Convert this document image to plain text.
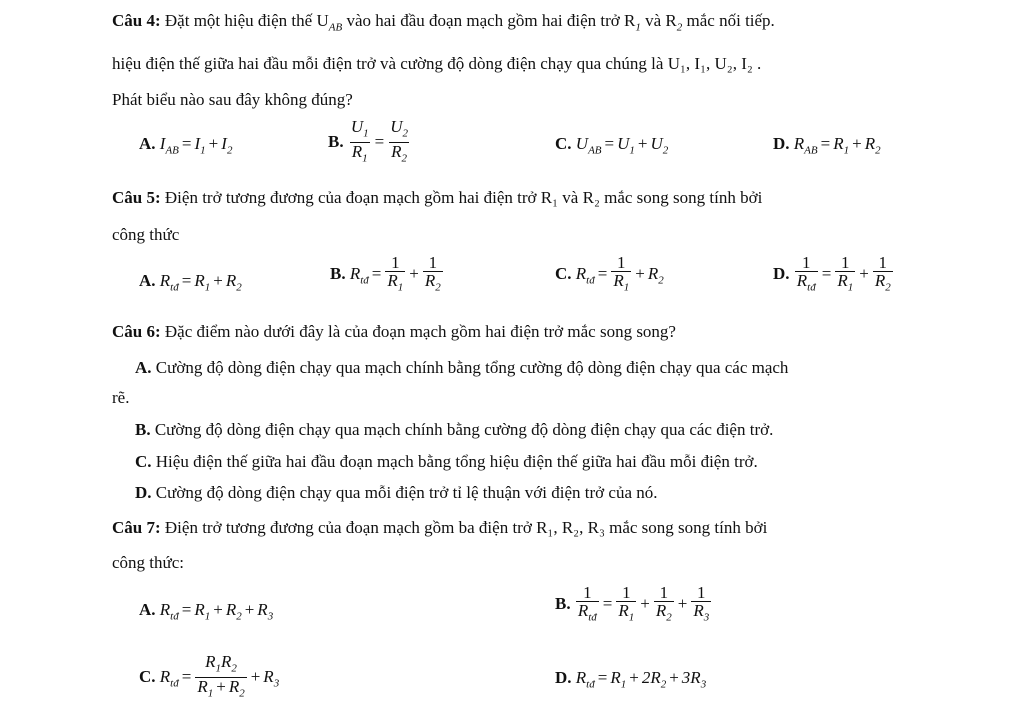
Câu 4: Đặt một hiệu điện thế $U_{AB}$ vào hai đầu đoạn mạch gồm hai điện trở $R_1$ và $R_2$ mắc nối tiếp.
hiệu điện thế giữa hai đầu mỗi điện trở và cường độ dòng điện chạy qua chúng là U₁, I₁, U₂, I₂ .
Phát biểu nào sau đây không đúng?
A. $I_{AB} = I_1 + I_2$	B. $\frac{U_1}{R_1} = \frac{U_2}{R_2}$	C. $U_{AB} = U_1 + U_2$	D. $R_{AB} = R_1 + R_2$
Câu 5: Điện trở tương đương của đoạn mạch gồm hai điện trở R₁ và R₂ mắc song song tính bởi
công thức
A. $R_{tđ} = R_1 + R_2$
B. $R_{tđ} = \frac{1}{R_1} + \frac{1}{R_2}$	C. $R_{tđ} = \frac{1}{R_1} + R_2$	D. $\frac{1}{R_{tđ}} = \frac{1}{R_1} + \frac{1}{R_2}$
Câu 6: Đặc điểm nào dưới đây là của đoạn mạch gồm hai điện trở mắc song song?
A. Cường độ dòng điện chạy qua mạch chính bằng tổng cường độ dòng điện chạy qua các mạch
rẽ.
B. Cường độ dòng điện chạy qua mạch chính bằng cường độ dòng điện chạy qua các điện trở.
C. Hiệu điện thế giữa hai đầu đoạn mạch bằng tổng hiệu điện thế giữa hai đầu mỗi điện trở.
D. Cường độ dòng điện chạy qua mỗi điện trở tỉ lệ thuận với điện trở của nó.
Câu 7: Điện trở tương đương của đoạn mạch gồm ba điện trở R₁, R₂, R₃ mắc song song tính bởi
công thức:
A. $R_{tđ} = R_1 + R_2 + R_3$
B. $\frac{1}{R_{tđ}} = \frac{1}{R_1} + \frac{1}{R_2} + \frac{1}{R_3}$
C. $R_{tđ} = \frac{R_1R_2}{R_1 + R_2} + R_3$	D. $R_{tđ} = R_1 + 2R_2 + 3R_3$
